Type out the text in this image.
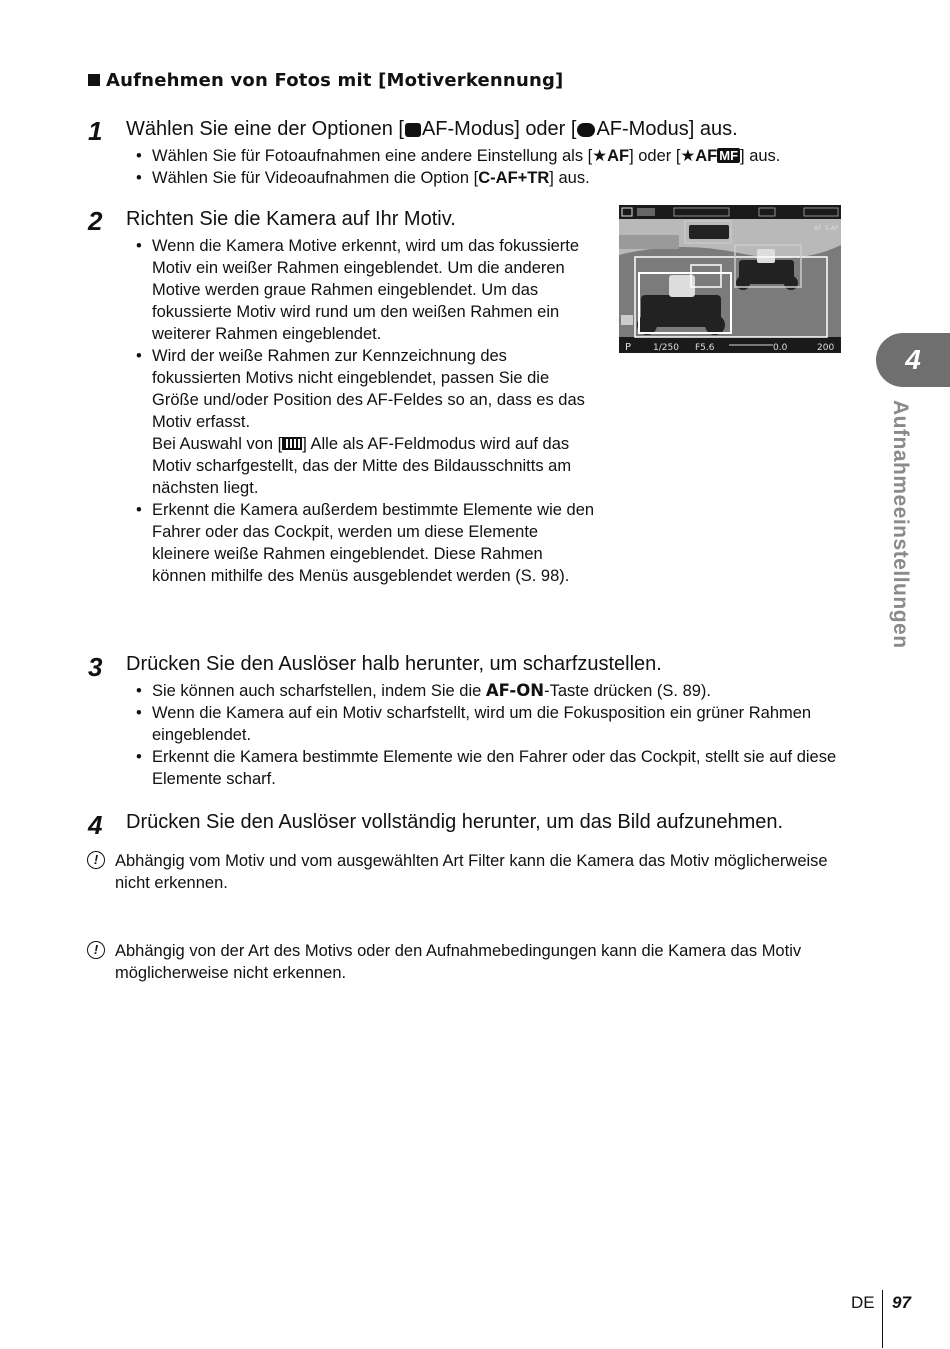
Aufnehmen von Fotos mit [Motiverkennung]
1 Wählen Sie eine der Optionen [ AF-Modus] oder [ AF-Modus] aus.
• Wählen Sie für Fotoaufnahmen eine andere Einstellung als [★AF] oder [★AF MF ] aus.
• Wählen Sie für Videoaufnahmen die Option [C-AF+TR] aus.
2 Richten Sie die Kamera auf Ihr Motiv.
• Wenn die Kamera Motive erkennt, wird um das fokussierte Motiv ein weißer Rahmen eingeblendet. Um die anderen Motive werden graue Rahmen eingeblendet. Um das fokussierte Motiv wird rund um den weißen Rahmen ein weiterer Rahmen eingeblendet.
• Wird der weiße Rahmen zur Kennzeichnung des fokussierten Motivs nicht eingeblendet, passen Sie die Größe und/oder Position des AF-Feldes so an, dass es das Motiv erfasst.
Bei Auswahl von [ ] Alle als AF-Feldmodus wird auf das Motiv scharfgestellt, das der Mitte des Bildausschnitts am nächsten liegt.
• Erkennt die Kamera außerdem bestimmte Elemente wie den Fahrer oder das Cockpit, werden um diese Elemente kleinere weiße Rahmen eingeblendet. Diese Rahmen können mithilfe des Menüs ausgeblendet werden (S. 98).
AF S-AF
P 1/250 F5.6	0.0	200
3 Drücken Sie den Auslöser halb herunter, um scharfzustellen.
• Sie können auch scharfstellen, indem Sie die AF-ON-Taste drücken (S. 89).
• Wenn die Kamera auf ein Motiv scharfstellt, wird um die Fokusposition ein grüner Rahmen eingeblendet.
• Erkennt die Kamera bestimmte Elemente wie den Fahrer oder das Cockpit, stellt sie auf diese Elemente scharf.
4 Drücken Sie den Auslöser vollständig herunter, um das Bild aufzunehmen.
!	Abhängig vom Motiv und vom ausgewählten Art Filter kann die Kamera das Motiv möglicherweise nicht erkennen.
!	Abhängig von der Art des Motivs oder den Aufnahmebedingungen kann die Kamera das Motiv möglicherweise nicht erkennen.
4
Aufnahmeeinstellungen
DE 97
